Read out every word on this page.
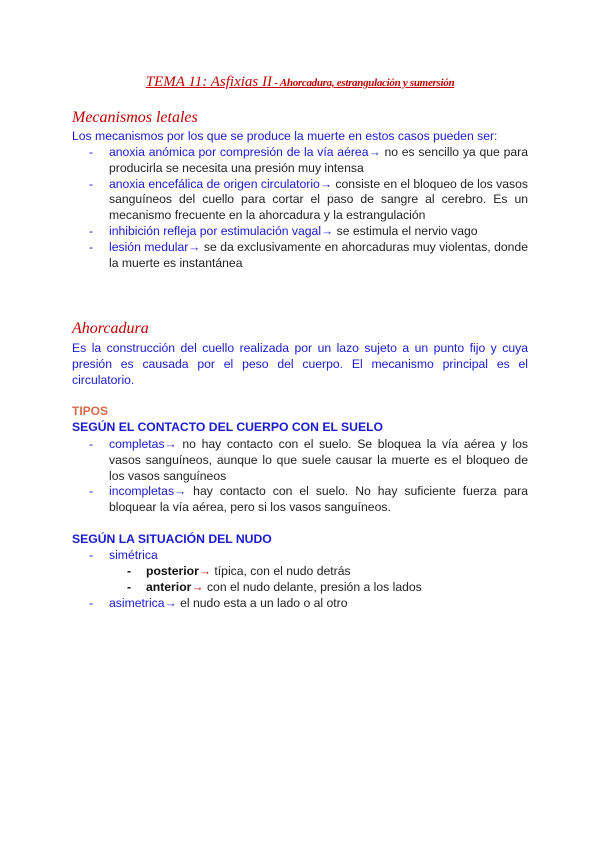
TEMA 11: Asfixias II - Ahorcadura, estrangulación y sumersión
Mecanismos letales
Los mecanismos por los que se produce la muerte en estos casos pueden ser:
- anoxia anómica por compresión de la vía aérea→ no es sencillo ya que para producirla se necesita una presión muy intensa
- anoxia encefálica de origen circulatorio→ consiste en el bloqueo de los vasos sanguíneos del cuello para cortar el paso de sangre al cerebro. Es un mecanismo frecuente en la ahorcadura y la estrangulación
- inhibición refleja por estimulación vagal→ se estimula el nervio vago
- lesión medular→ se da exclusivamente en ahorcaduras muy violentas, donde la muerte es instantánea
Ahorcadura
Es la construcción del cuello realizada por un lazo sujeto a un punto fijo y cuya presión es causada por el peso del cuerpo. El mecanismo principal es el circulatorio.
TIPOS
SEGÚN EL CONTACTO DEL CUERPO CON EL SUELO
- completas→ no hay contacto con el suelo. Se bloquea la vía aérea y los vasos sanguíneos, aunque lo que suele causar la muerte es el bloqueo de los vasos sanguíneos
- incompletas→ hay contacto con el suelo. No hay suficiente fuerza para bloquear la vía aérea, pero si los vasos sanguíneos.
SEGÚN LA SITUACIÓN DEL NUDO
- simétrica
- posterior→ típica, con el nudo detrás
- anterior→ con el nudo delante, presión a los lados
- asimetrica→ el nudo esta a un lado o al otro
